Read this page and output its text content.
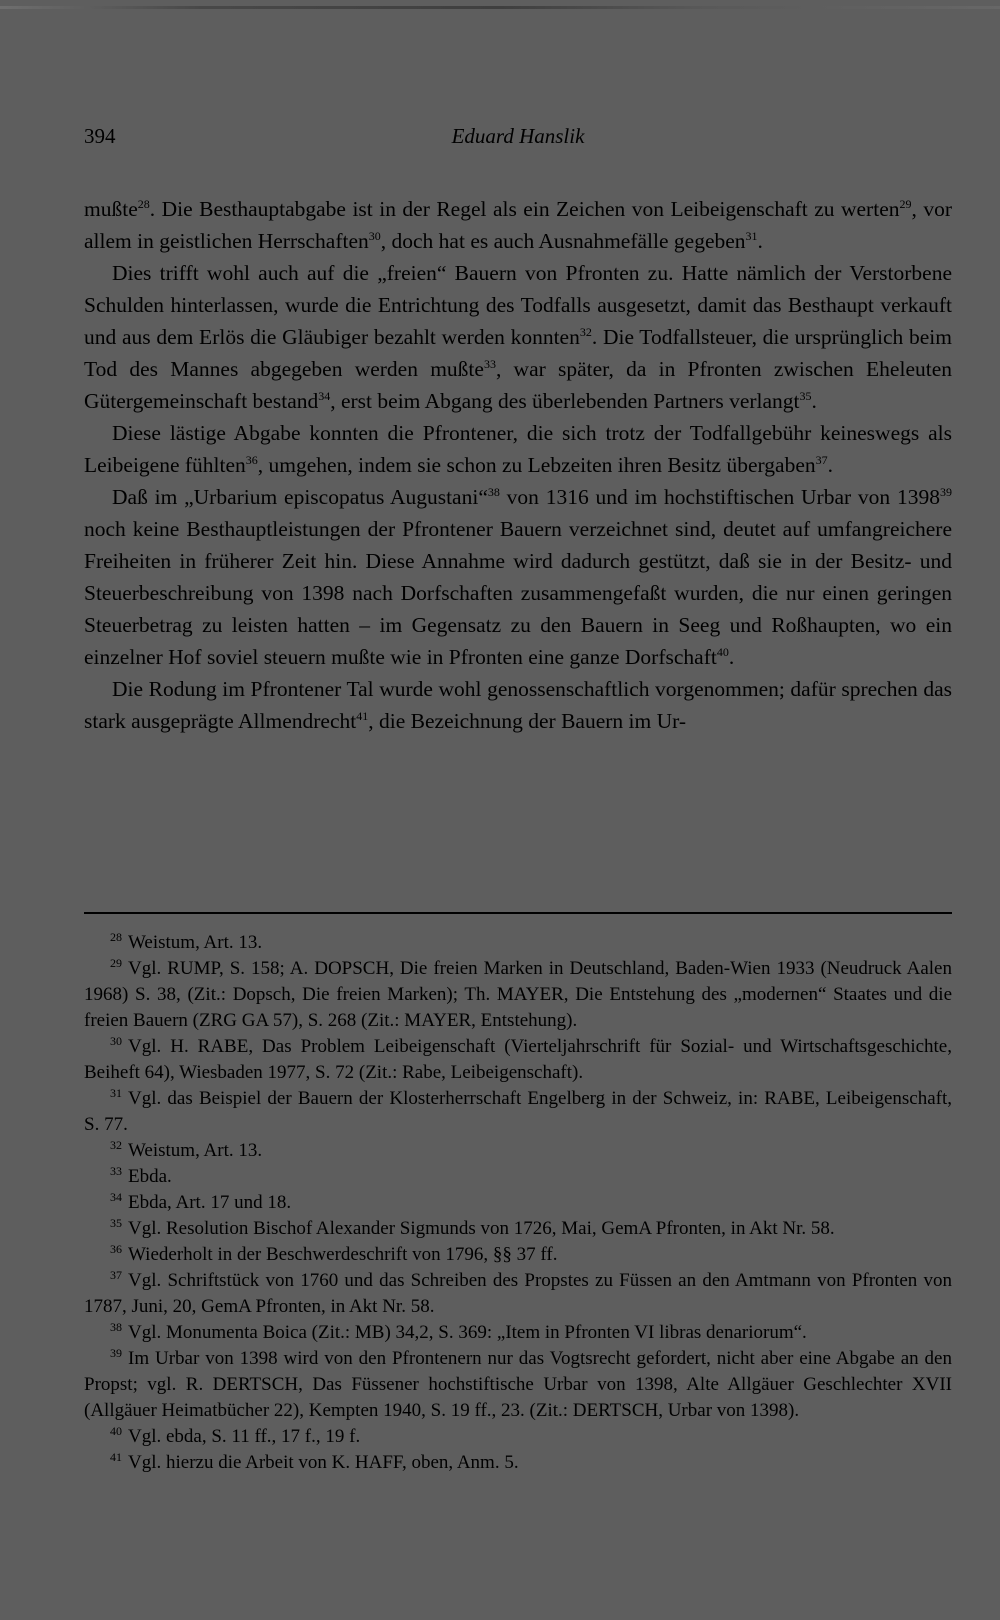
394	Eduard Hanslik

mußte$^{28}$. Die Besthauptabgabe ist in der Regel als ein Zeichen von Leibeigenschaft zu werten$^{29}$, vor allem in geistlichen Herrschaften$^{30}$, doch hat es auch Ausnahmefälle gegeben$^{31}$.

Dies trifft wohl auch auf die „freien“ Bauern von Pfronten zu. Hatte nämlich der Verstorbene Schulden hinterlassen, wurde die Entrichtung des Todfalls ausgesetzt, damit das Besthaupt verkauft und aus dem Erlös die Gläubiger bezahlt werden konnten$^{32}$. Die Todfallsteuer, die ursprünglich beim Tod des Mannes abgegeben werden mußte$^{33}$, war später, da in Pfronten zwischen Eheleuten Gütergemeinschaft bestand$^{34}$, erst beim Abgang des überlebenden Partners verlangt$^{35}$.

Diese lästige Abgabe konnten die Pfrontener, die sich trotz der Todfallgebühr keineswegs als Leibeigene fühlten$^{36}$, umgehen, indem sie schon zu Lebzeiten ihren Besitz übergaben$^{37}$.

Daß im „Urbarium episcopatus Augustani“$^{38}$ von 1316 und im hochstiftischen Urbar von 1398$^{39}$ noch keine Besthauptleistungen der Pfrontener Bauern verzeichnet sind, deutet auf umfangreichere Freiheiten in früherer Zeit hin. Diese Annahme wird dadurch gestützt, daß sie in der Besitz- und Steuerbeschreibung von 1398 nach Dorfschaften zusammengefaßt wurden, die nur einen geringen Steuerbetrag zu leisten hatten – im Gegensatz zu den Bauern in Seeg und Roßhaupten, wo ein einzelner Hof soviel steuern mußte wie in Pfronten eine ganze Dorfschaft$^{40}$.

Die Rodung im Pfrontener Tal wurde wohl genossenschaftlich vorgenommen; dafür sprechen das stark ausgeprägte Allmendrecht$^{41}$, die Bezeichnung der Bauern im Ur-

$^{28}$ Weistum, Art. 13.
$^{29}$ Vgl. RUMP, S. 158; A. DOPSCH, Die freien Marken in Deutschland, Baden-Wien 1933 (Neudruck Aalen 1968) S. 38, (Zit.: Dopsch, Die freien Marken); Th. MAYER, Die Entstehung des „modernen“ Staates und die freien Bauern (ZRG GA 57), S. 268 (Zit.: MAYER, Entstehung).
$^{30}$ Vgl. H. RABE, Das Problem Leibeigenschaft (Vierteljahrschrift für Sozial- und Wirtschaftsgeschichte, Beiheft 64), Wiesbaden 1977, S. 72 (Zit.: Rabe, Leibeigenschaft).
$^{31}$ Vgl. das Beispiel der Bauern der Klosterherrschaft Engelberg in der Schweiz, in: RABE, Leibeigenschaft, S. 77.
$^{32}$ Weistum, Art. 13.
$^{33}$ Ebda.
$^{34}$ Ebda, Art. 17 und 18.
$^{35}$ Vgl. Resolution Bischof Alexander Sigmunds von 1726, Mai, GemA Pfronten, in Akt Nr. 58.
$^{36}$ Wiederholt in der Beschwerdeschrift von 1796, §§ 37 ff.
$^{37}$ Vgl. Schriftstück von 1760 und das Schreiben des Propstes zu Füssen an den Amtmann von Pfronten von 1787, Juni, 20, GemA Pfronten, in Akt Nr. 58.
$^{38}$ Vgl. Monumenta Boica (Zit.: MB) 34,2, S. 369: „Item in Pfronten VI libras denariorum“.
$^{39}$ Im Urbar von 1398 wird von den Pfrontenern nur das Vogtsrecht gefordert, nicht aber eine Abgabe an den Propst; vgl. R. DERTSCH, Das Füssener hochstiftische Urbar von 1398, Alte Allgäuer Geschlechter XVII (Allgäuer Heimatbücher 22), Kempten 1940, S. 19 ff., 23. (Zit.: DERTSCH, Urbar von 1398).
$^{40}$ Vgl. ebda, S. 11 ff., 17 f., 19 f.
$^{41}$ Vgl. hierzu die Arbeit von K. HAFF, oben, Anm. 5.
